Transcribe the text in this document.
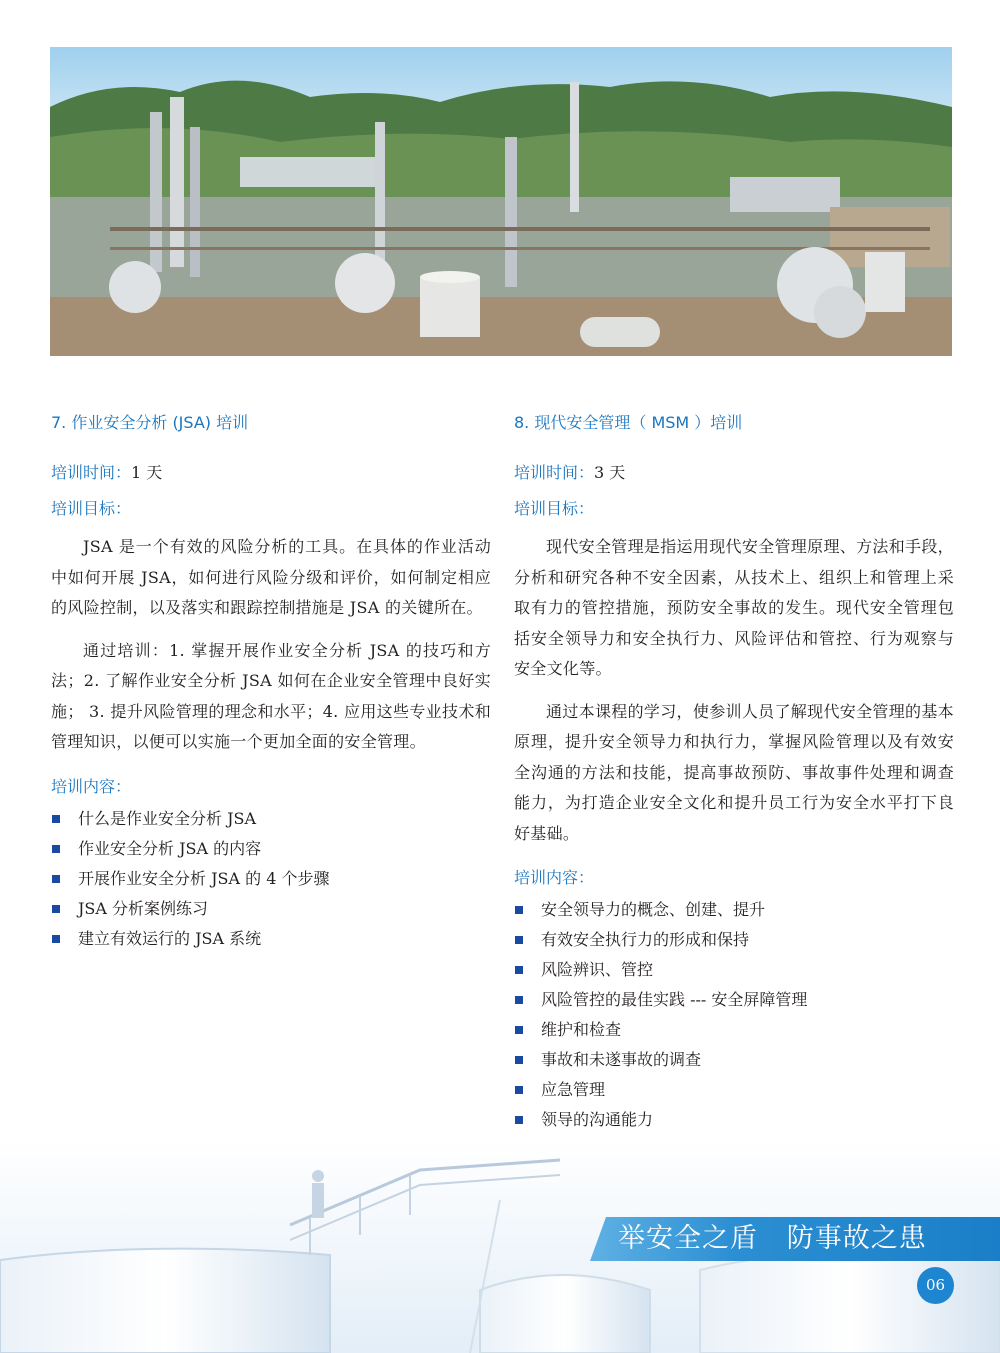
7. 作业安全分析 (JSA) 培训
培训时间：1 天
培训目标：

JSA 是一个有效的风险分析的工具。在具体的作业活动中如何开展 JSA，如何进行风险分级和评价，如何制定相应的风险控制，以及落实和跟踪控制措施是 JSA 的关键所在。

通过培训：1. 掌握开展作业安全分析 JSA 的技巧和方法；2. 了解作业安全分析 JSA 如何在企业安全管理中良好实施； 3. 提升风险管理的理念和水平；4. 应用这些专业技术和管理知识，以便可以实施一个更加全面的安全管理。

培训内容：
什么是作业安全分析 JSA
作业安全分析 JSA 的内容
开展作业安全分析 JSA 的 4 个步骤
JSA 分析案例练习
建立有效运行的 JSA 系统
8. 现代安全管理（ MSM ）培训
培训时间：3 天
培训目标：

现代安全管理是指运用现代安全管理原理、方法和手段，分析和研究各种不安全因素，从技术上、组织上和管理上采取有力的管控措施，预防安全事故的发生。现代安全管理包括安全领导力和安全执行力、风险评估和管控、行为观察与安全文化等。

通过本课程的学习，使参训人员了解现代安全管理的基本原理，提升安全领导力和执行力，掌握风险管理以及有效安全沟通的方法和技能，提高事故预防、事故事件处理和调查能力，为打造企业安全文化和提升员工行为安全水平打下良好基础。

培训内容：
安全领导力的概念、创建、提升
有效安全执行力的形成和保持
风险辨识、管控
风险管控的最佳实践 --- 安全屏障管理
维护和检查
事故和未遂事故的调查
应急管理
领导的沟通能力
举安全之盾   防事故之患
06
